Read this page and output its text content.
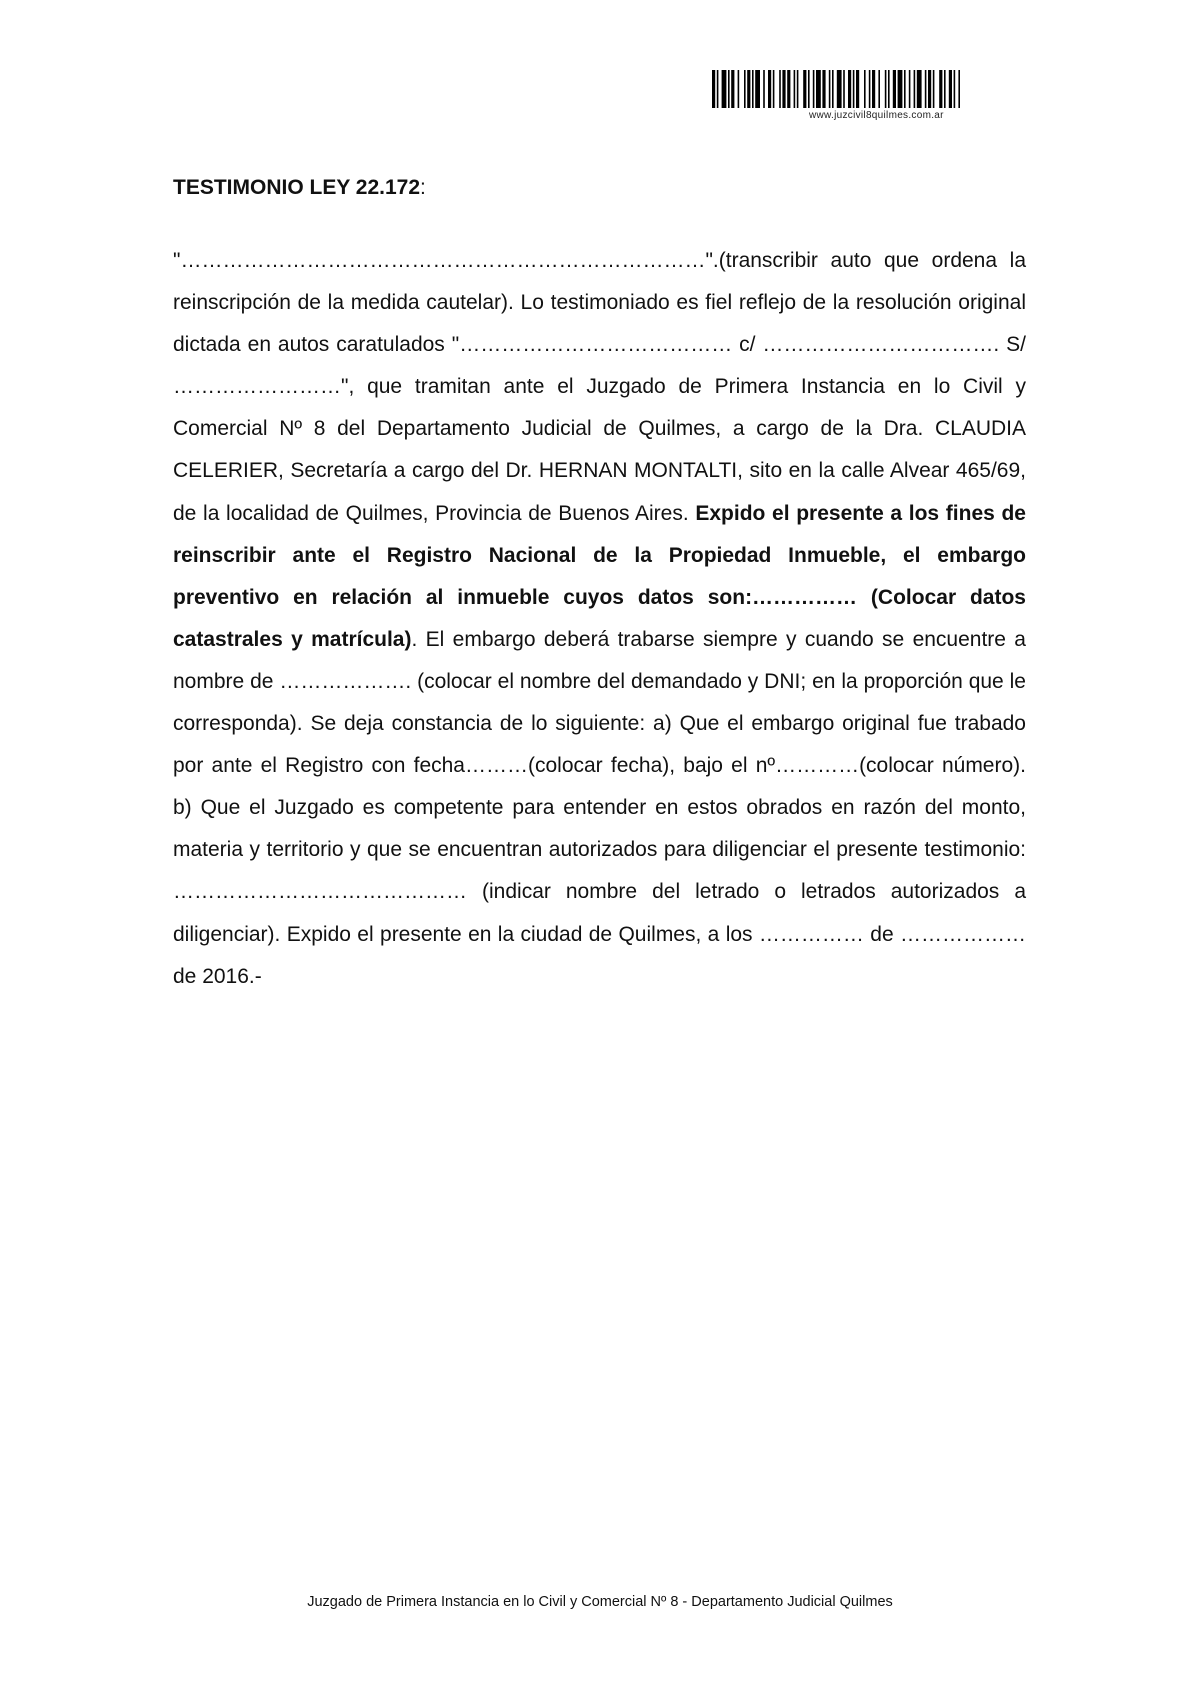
www.juzcivil8quilmes.com.ar
TESTIMONIO LEY 22.172:

"…………………………………………………………………".(transcribir auto que ordena la reinscripción de la medida cautelar). Lo testimoniado es fiel reflejo de la resolución original dictada en autos caratulados "………………………………… c/ ……………………………. S/ ……………………", que tramitan ante el Juzgado de Primera Instancia en lo Civil y Comercial Nº 8 del Departamento Judicial de Quilmes, a cargo de la Dra. CLAUDIA CELERIER, Secretaría a cargo del Dr. HERNAN MONTALTI, sito en la calle Alvear 465/69, de la localidad de Quilmes, Provincia de Buenos Aires. Expido el presente a los fines de reinscribir ante el Registro Nacional de la Propiedad Inmueble, el embargo preventivo en relación al inmueble cuyos datos son:…………… (Colocar datos catastrales y matrícula). El embargo deberá trabarse siempre y cuando se encuentre a nombre de ………………. (colocar el nombre del demandado y DNI; en la proporción que le corresponda). Se deja constancia de lo siguiente: a) Que el embargo original fue trabado por ante el Registro con fecha………(colocar fecha), bajo el nº…………(colocar número). b) Que el Juzgado es competente para entender en estos obrados en razón del monto, materia y territorio y que se encuentran autorizados para diligenciar el presente testimonio: …………………………………… (indicar nombre del letrado o letrados autorizados a diligenciar). Expido el presente en la ciudad de Quilmes, a los …………… de ……………… de 2016.-

Juzgado de Primera Instancia en lo Civil y Comercial Nº 8 - Departamento Judicial Quilmes
